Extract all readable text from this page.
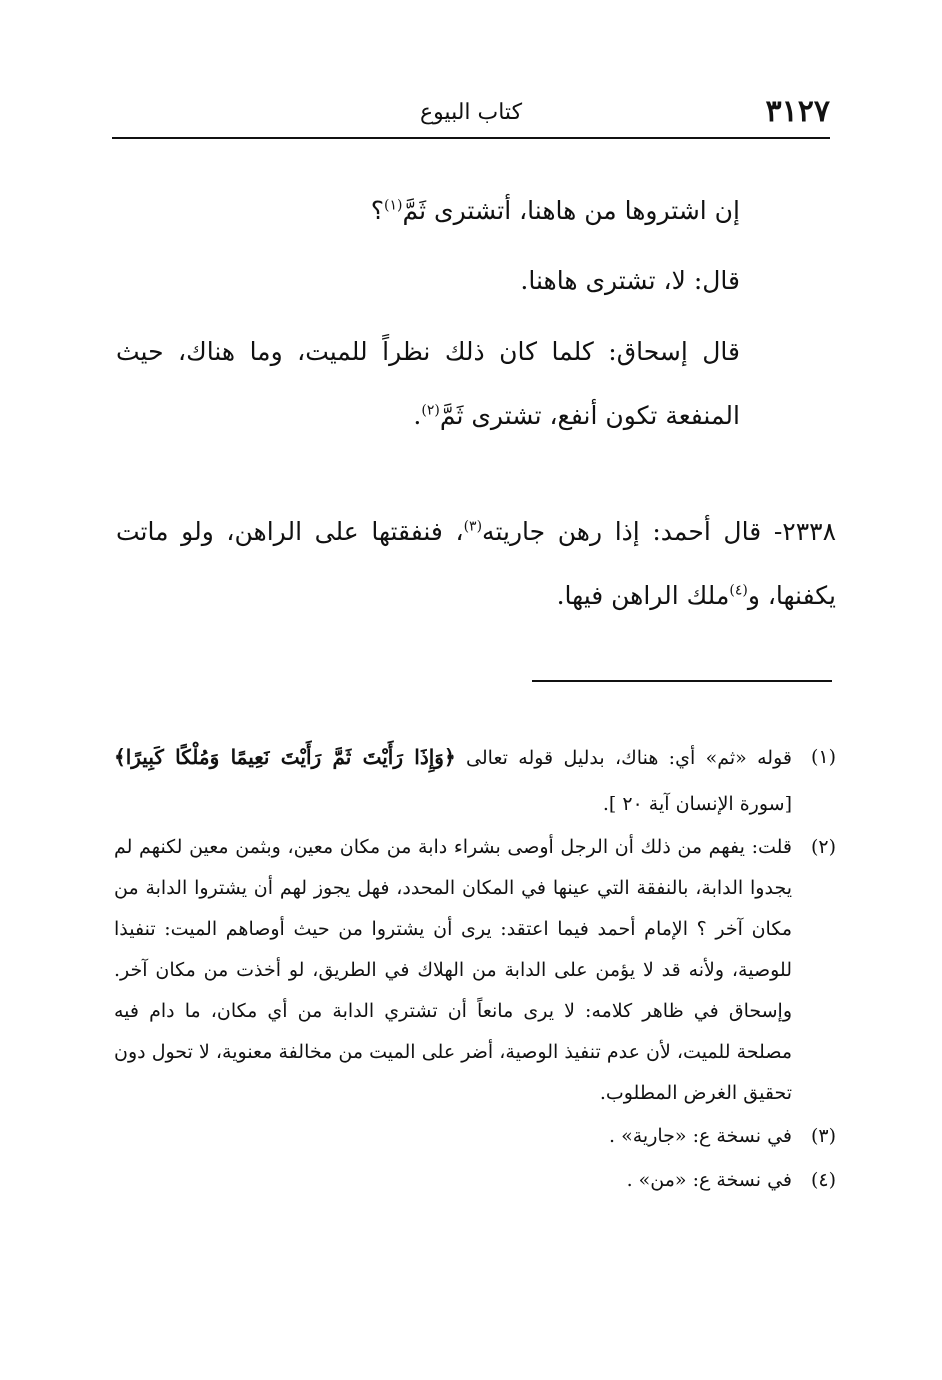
٣١٢٧
كتاب البيوع
إن اشتروها من هاهنا، أتشترى ثَمَّ$^{(١)}$؟
قال: لا، تشترى هاهنا.
قال إسحاق: كلما كان ذلك نظراً للميت، وما هناك، حيث المنفعة تكون أنفع، تشترى ثَمَّ$^{(٢)}$.
٢٣٣٨- قال أحمد: إذا رهن جاريته$^{(٣)}$، فنفقتها على الراهن، ولو ماتت يكفنها، و$^{(٤)}$ملك الراهن فيها.
(١)
قوله «ثم» أي: هناك، بدليل قوله تعالى ﴿وَإِذَا رَأَيْتَ ثَمَّ رَأَيْتَ نَعِيمًا وَمُلْكًا كَبِيرًا﴾ [سورة الإنسان آية ٢٠ ].
(٢)
قلت: يفهم من ذلك أن الرجل أوصى بشراء دابة من مكان معين، وبثمن معين لكنهم لم يجدوا الدابة، بالنفقة التي عينها في المكان المحدد، فهل يجوز لهم أن يشتروا الدابة من مكان آخر ؟ الإمام أحمد فيما اعتقد: يرى أن يشتروا من حيث أوصاهم الميت: تنفيذا للوصية، ولأنه قد لا يؤمن على الدابة من الهلاك في الطريق، لو أخذت من مكان آخر. وإسحاق في ظاهر كلامه: لا يرى مانعاً أن تشتري الدابة من أي مكان، ما دام فيه مصلحة للميت، لأن عدم تنفيذ الوصية، أضر على الميت من مخالفة معنوية، لا تحول دون تحقيق الغرض المطلوب.
(٣)
في نسخة ع: «جارية» .
(٤)
في نسخة ع: «من» .
